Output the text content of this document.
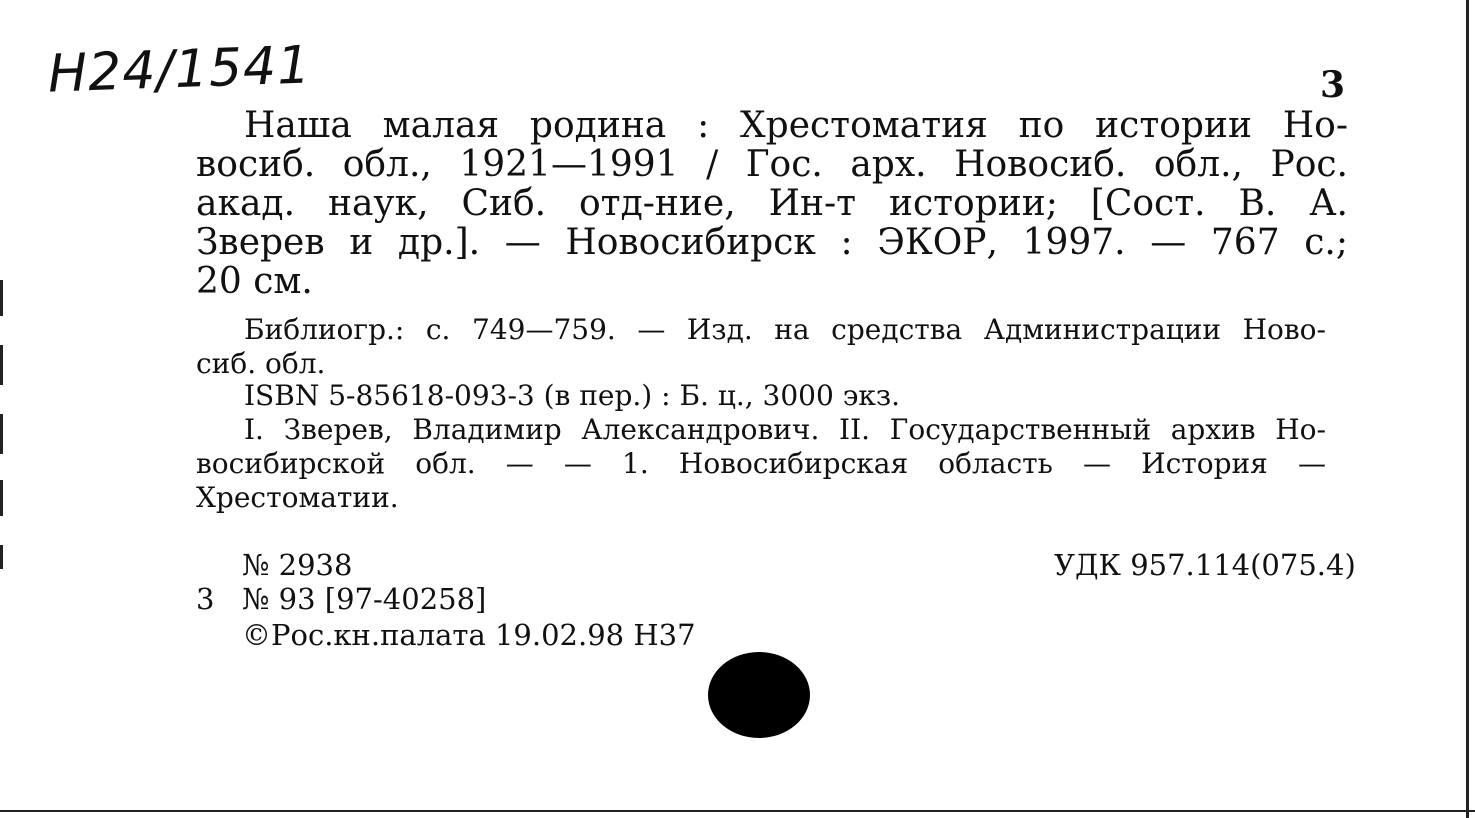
Н24/1541	3
Наша малая родина : Хрестоматия по истории Но-
восиб. обл., 1921—1991 / Гос. арх. Новосиб. обл., Рос.
акад. наук, Сиб. отд-ние, Ин-т истории; [Сост. В. А.
Зверев и др.]. — Новосибирск : ЭКОР, 1997. — 767 с.;
20 см.
Библиогр.: с. 749—759. — Изд. на средства Администрации Ново-
сиб. обл.
ISBN 5-85618-093-3 (в пер.) : Б. ц., 3000 экз.
I. Зверев, Владимир Александрович. II. Государственный архив Но-
восибирской обл. — — 1. Новосибирская область — История —
Хрестоматии.
№ 2938	УДК 957.114(075.4)
3 № 93 [97-40258]
©Рос.кн.палата 19.02.98 Н37
